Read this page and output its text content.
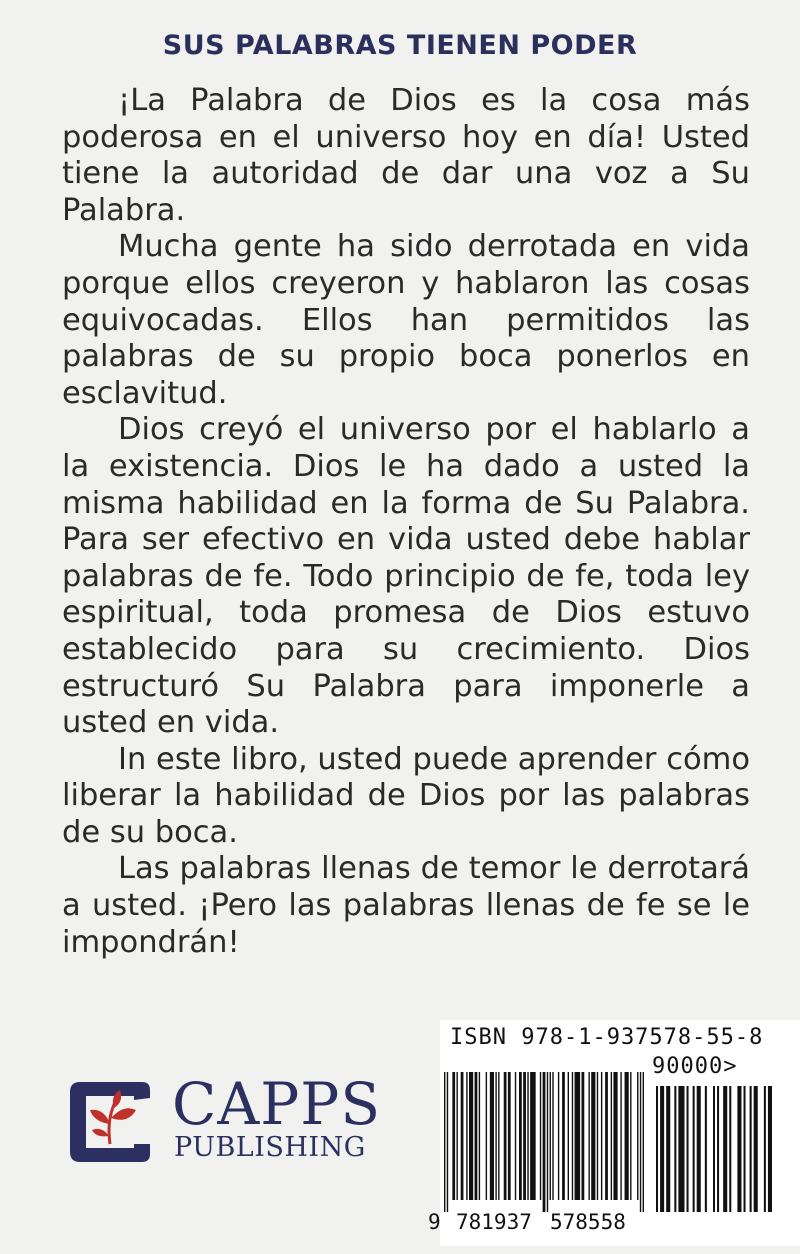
SUS PALABRAS TIENEN PODER

¡La Palabra de Dios es la cosa más poderosa en el universo hoy en día! Usted tiene la autoridad de dar una voz a Su Palabra.

Mucha gente ha sido derrotada en vida porque ellos creyeron y hablaron las cosas equivocadas. Ellos han permitidos las palabras de su propio boca ponerlos en esclavitud.

Dios creyó el universo por el hablarlo a la existencia. Dios le ha dado a usted la misma habilidad en la forma de Su Palabra. Para ser efectivo en vida usted debe hablar palabras de fe. Todo principio de fe, toda ley espiritual, toda promesa de Dios estuvo establecido para su crecimiento. Dios estructuró Su Palabra para imponerle a usted en vida.

In este libro, usted puede aprender cómo liberar la habilidad de Dios por las palabras de su boca.

Las palabras llenas de temor le derrotará a usted. ¡Pero las palabras llenas de fe se le impondrán!

CAPPS
PUBLISHING
ISBN 978-1-937578-55-8
90000>
9 781937 578558
